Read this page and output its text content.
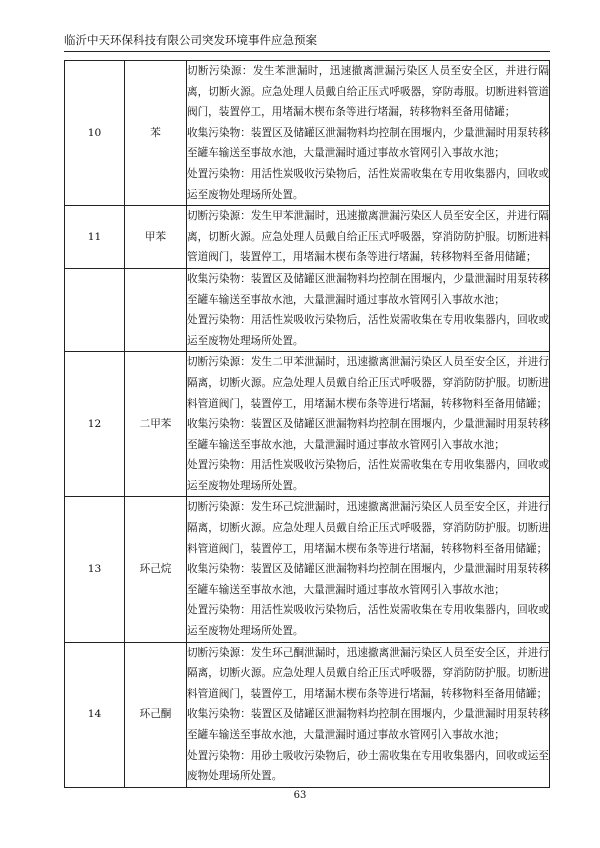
临沂中天环保科技有限公司突发环境事件应急预案
10	苯	切断污染源：发生苯泄漏时，迅速撤离泄漏污染区人员至安全区，并进行隔离，切断火源。应急处理人员戴自给正压式呼吸器，穿防毒服。切断进料管道阀门，装置停工，用堵漏木楔布条等进行堵漏，转移物料至备用储罐；

收集污染物：装置区及储罐区泄漏物料均控制在围堰内，少量泄漏时用泵转移至罐车输送至事故水池，大量泄漏时通过事故水管网引入事故水池；

处置污染物：用活性炭吸收污染物后，活性炭需收集在专用收集器内，回收或运至废物处理场所处置。

11	甲苯	切断污染源：发生甲苯泄漏时，迅速撤离泄漏污染区人员至安全区，并进行隔离，切断火源。应急处理人员戴自给正压式呼吸器，穿消防防护服。切断进料管道阀门，装置停工，用堵漏木楔布条等进行堵漏，转移物料至备用储罐；

		收集污染物：装置区及储罐区泄漏物料均控制在围堰内，少量泄漏时用泵转移至罐车输送至事故水池，大量泄漏时通过事故水管网引入事故水池；

处置污染物：用活性炭吸收污染物后，活性炭需收集在专用收集器内，回收或运至废物处理场所处置。

12	二甲苯	切断污染源：发生二甲苯泄漏时，迅速撤离泄漏污染区人员至安全区，并进行隔离，切断火源。应急处理人员戴自给正压式呼吸器，穿消防防护服。切断进料管道阀门，装置停工，用堵漏木楔布条等进行堵漏，转移物料至备用储罐；

收集污染物：装置区及储罐区泄漏物料均控制在围堰内，少量泄漏时用泵转移至罐车输送至事故水池，大量泄漏时通过事故水管网引入事故水池；

处置污染物：用活性炭吸收污染物后，活性炭需收集在专用收集器内，回收或运至废物处理场所处置。

13	环己烷	切断污染源：发生环己烷泄漏时，迅速撤离泄漏污染区人员至安全区，并进行隔离，切断火源。应急处理人员戴自给正压式呼吸器，穿消防防护服。切断进料管道阀门，装置停工，用堵漏木楔布条等进行堵漏，转移物料至备用储罐；

收集污染物：装置区及储罐区泄漏物料均控制在围堰内，少量泄漏时用泵转移至罐车输送至事故水池，大量泄漏时通过事故水管网引入事故水池；

处置污染物：用活性炭吸收污染物后，活性炭需收集在专用收集器内，回收或运至废物处理场所处置。

14	环己酮	切断污染源：发生环己酮泄漏时，迅速撤离泄漏污染区人员至安全区，并进行隔离，切断火源。应急处理人员戴自给正压式呼吸器，穿消防防护服。切断进料管道阀门，装置停工，用堵漏木楔布条等进行堵漏，转移物料至备用储罐；

收集污染物：装置区及储罐区泄漏物料均控制在围堰内，少量泄漏时用泵转移至罐车输送至事故水池，大量泄漏时通过事故水管网引入事故水池；

处置污染物：用砂土吸收污染物后，砂土需收集在专用收集器内，回收或运至废物处理场所处置。

63
